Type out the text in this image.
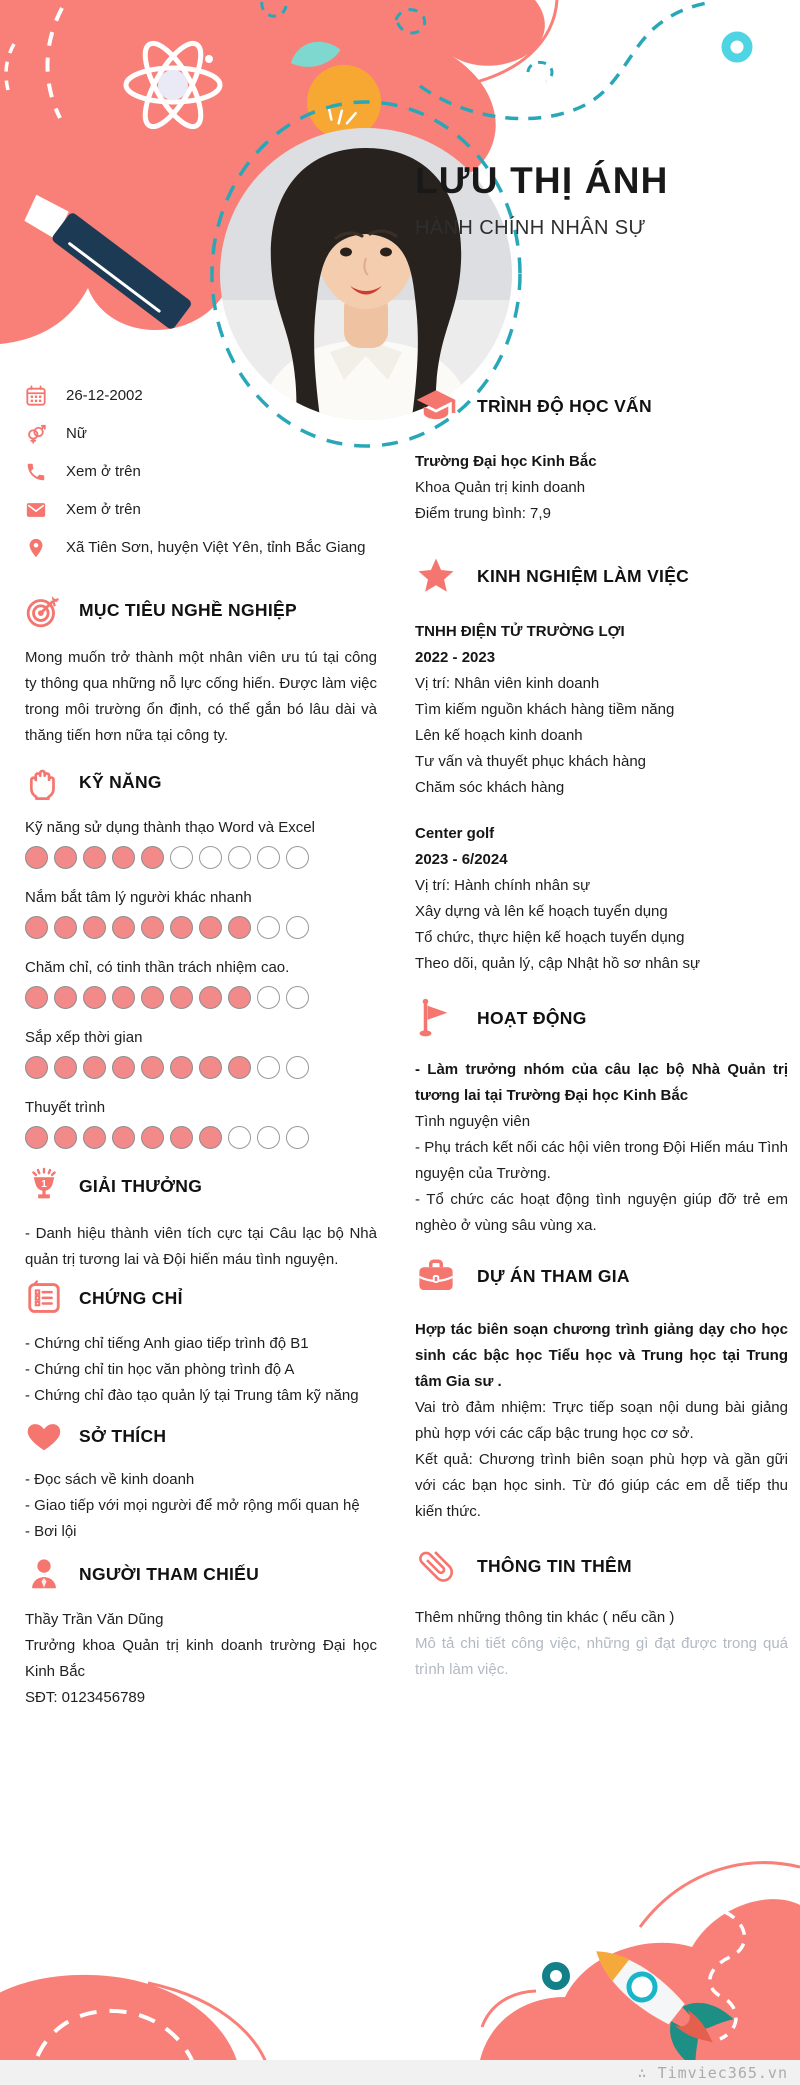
LƯU THỊ ÁNH
HÀNH CHÍNH NHÂN SỰ
26-12-2002
Nữ
Xem ở trên
Xem ở trên
Xã Tiên Sơn, huyện Việt Yên, tỉnh Bắc Giang
MỤC TIÊU NGHỀ NGHIỆP
Mong muốn trở thành một nhân viên ưu tú tại công ty thông qua những nỗ lực cống hiến. Được làm việc trong môi trường ổn định, có thể gắn bó lâu dài và thăng tiến hơn nữa tại công ty.
KỸ NĂNG
Kỹ năng sử dụng thành thạo Word và Excel
Nắm bắt tâm lý người khác nhanh
Chăm chỉ, có tinh thần trách nhiệm cao.
Sắp xếp thời gian
Thuyết trình
1 GIẢI THƯỞNG
- Danh hiệu thành viên tích cực tại Câu lạc bộ Nhà quản trị tương lai và Đội hiến máu tình nguyện.
CHỨNG CHỈ
- Chứng chỉ tiếng Anh giao tiếp trình độ B1
- Chứng chỉ tin học văn phòng trình độ A
- Chứng chỉ đào tạo quản lý tại Trung tâm kỹ năng
SỞ THÍCH
- Đọc sách về kinh doanh
- Giao tiếp với mọi người để mở rộng mối quan hệ
- Bơi lội
NGƯỜI THAM CHIẾU
Thầy Trần Văn Dũng
Trưởng khoa Quản trị kinh doanh trường Đại học Kinh Bắc
SĐT: 0123456789
TRÌNH ĐỘ HỌC VẤN
Trường Đại học Kinh Bắc
Khoa Quản trị kinh doanh
Điểm trung bình: 7,9
KINH NGHIỆM LÀM VIỆC
TNHH ĐIỆN TỬ TRƯỜNG LỢI
2022 - 2023
Vị trí: Nhân viên kinh doanh
Tìm kiếm nguồn khách hàng tiềm năng
Lên kế hoạch kinh doanh
Tư vấn và thuyết phục khách hàng
Chăm sóc khách hàng
Center golf
2023 - 6/2024
Vị trí: Hành chính nhân sự
Xây dựng và lên kế hoạch tuyển dụng
Tổ chức, thực hiện kế hoạch tuyển dụng
Theo dõi, quản lý, cập Nhật hồ sơ nhân sự
HOẠT ĐỘNG
- Làm trưởng nhóm của câu lạc bộ Nhà Quản trị tương lai tại Trường Đại học Kinh Bắc
Tình nguyện viên
- Phụ trách kết nối các hội viên trong Đội Hiến máu Tình nguyện của Trường.
- Tổ chức các hoạt động tình nguyện giúp đỡ trẻ em nghèo ở vùng sâu vùng xa.
DỰ ÁN THAM GIA
Hợp tác biên soạn chương trình giảng dạy cho học sinh các bậc học Tiểu học và Trung học tại Trung tâm Gia sư .
Vai trò đảm nhiệm: Trực tiếp soạn nội dung bài giảng phù hợp với các cấp bậc trung học cơ sở.
Kết quả: Chương trình biên soạn phù hợp và gần gữi với các bạn học sinh. Từ đó giúp các em dễ tiếp thu kiến thức.
THÔNG TIN THÊM
Thêm những thông tin khác ( nếu cần )
Mô tả chi tiết công việc, những gì đạt được trong quá trình làm việc.
∴ Timviec365.vn
